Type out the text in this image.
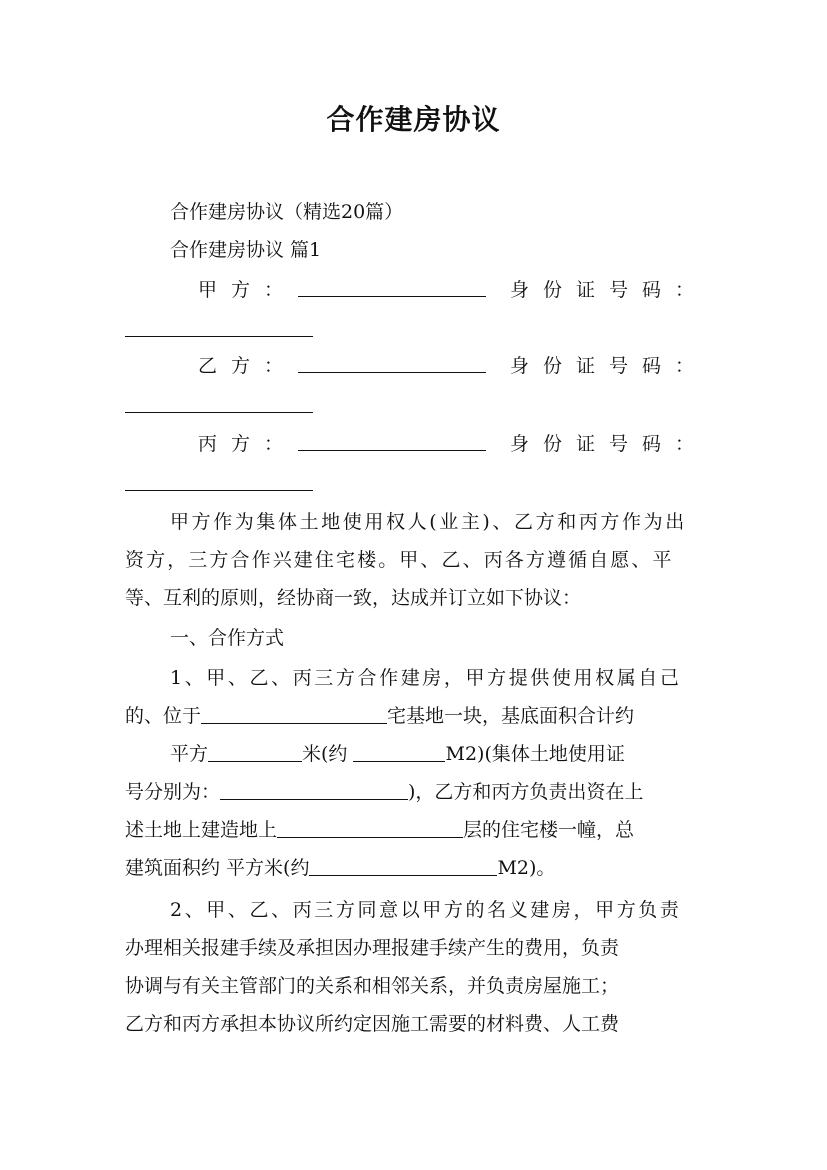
合作建房协议
合作建房协议（精选20篇）
合作建房协议 篇1
甲方：	身份证号码：
乙方：	身份证号码：
丙方：	身份证号码：
甲方作为集体土地使用权人(业主)、乙方和丙方作为出
资方，三方合作兴建住宅楼。甲、乙、丙各方遵循自愿、平
等、互利的原则，经协商一致，达成并订立如下协议：
一、合作方式
1、甲、乙、丙三方合作建房，甲方提供使用权属自己
的、位于	宅基地一块，基底面积合计约
平方	米(约	M2)(集体土地使用证
号分别为：	)，乙方和丙方负责出资在上
述土地上建造地上	层的住宅楼一幢，总
建筑面积约 平方米(约	M2)。
2、甲、乙、丙三方同意以甲方的名义建房，甲方负责
办理相关报建手续及承担因办理报建手续产生的费用，负责
协调与有关主管部门的关系和相邻关系，并负责房屋施工；
乙方和丙方承担本协议所约定因施工需要的材料费、人工费
